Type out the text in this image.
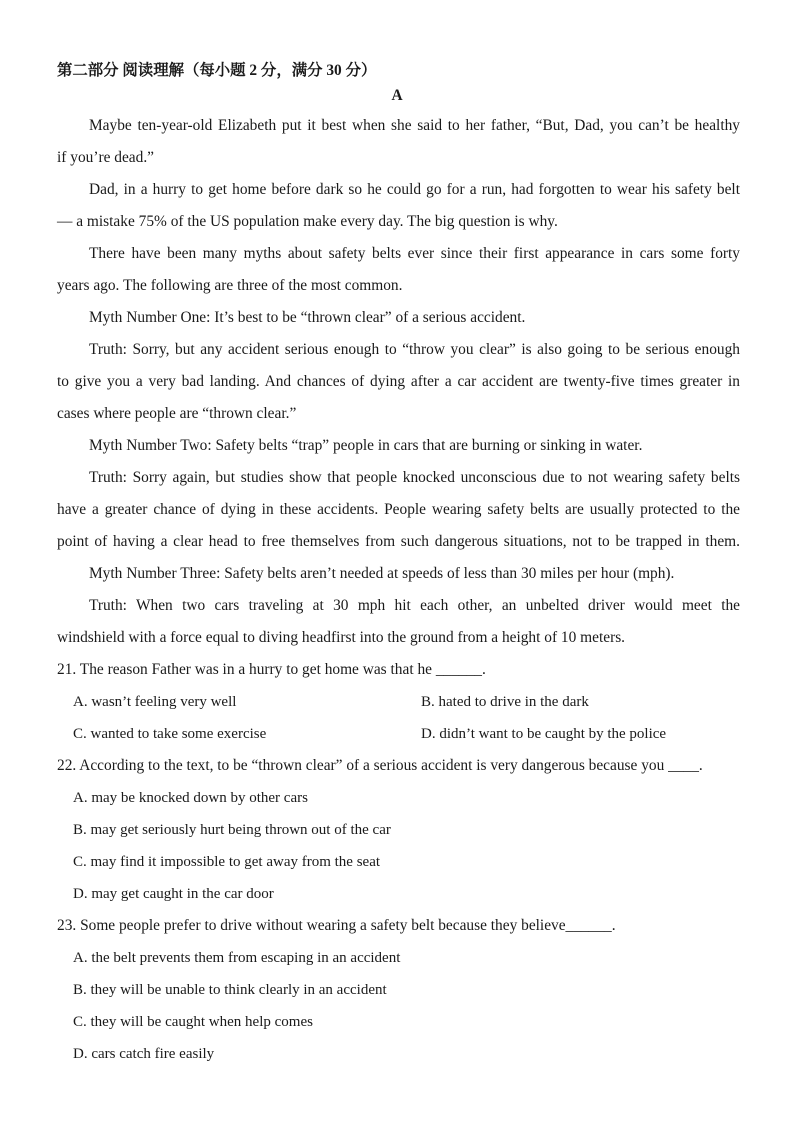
第二部分 阅读理解（每小题 2 分，满分 30 分）
A
Maybe ten-year-old Elizabeth put it best when she said to her father, “But, Dad, you can’t be healthy
if you’re dead.”
Dad, in a hurry to get home before dark so he could go for a run, had forgotten to wear his safety belt
— a mistake 75% of the US population make every day. The big question is why.
There have been many myths about safety belts ever since their first appearance in cars some forty
years ago. The following are three of the most common.
Myth Number One: It’s best to be “thrown clear” of a serious accident.
Truth: Sorry, but any accident serious enough to “throw you clear” is also going to be serious enough
to give you a very bad landing. And chances of dying after a car accident are twenty-five times greater in
cases where people are “thrown clear.”
Myth Number Two: Safety belts “trap” people in cars that are burning or sinking in water.
Truth: Sorry again, but studies show that people knocked unconscious due to not wearing safety belts
have a greater chance of dying in these accidents. People wearing safety belts are usually protected to the
point of having a clear head to free themselves from such dangerous situations, not to be trapped in them.
Myth Number Three: Safety belts aren’t needed at speeds of less than 30 miles per hour (mph).
Truth: When two cars traveling at 30 mph hit each other, an unbelted driver would meet the
windshield with a force equal to diving headfirst into the ground from a height of 10 meters.
21. The reason Father was in a hurry to get home was that he ______.
A. wasn’t feeling very well	B. hated to drive in the dark
C. wanted to take some exercise	D. didn’t want to be caught by the police
22. According to the text, to be “thrown clear” of a serious accident is very dangerous because you ____.
A. may be knocked down by other cars
B. may get seriously hurt being thrown out of the car
C. may find it impossible to get away from the seat
D. may get caught in the car door
23. Some people prefer to drive without wearing a safety belt because they believe______.
A. the belt prevents them from escaping in an accident
B. they will be unable to think clearly in an accident
C. they will be caught when help comes
D. cars catch fire easily
